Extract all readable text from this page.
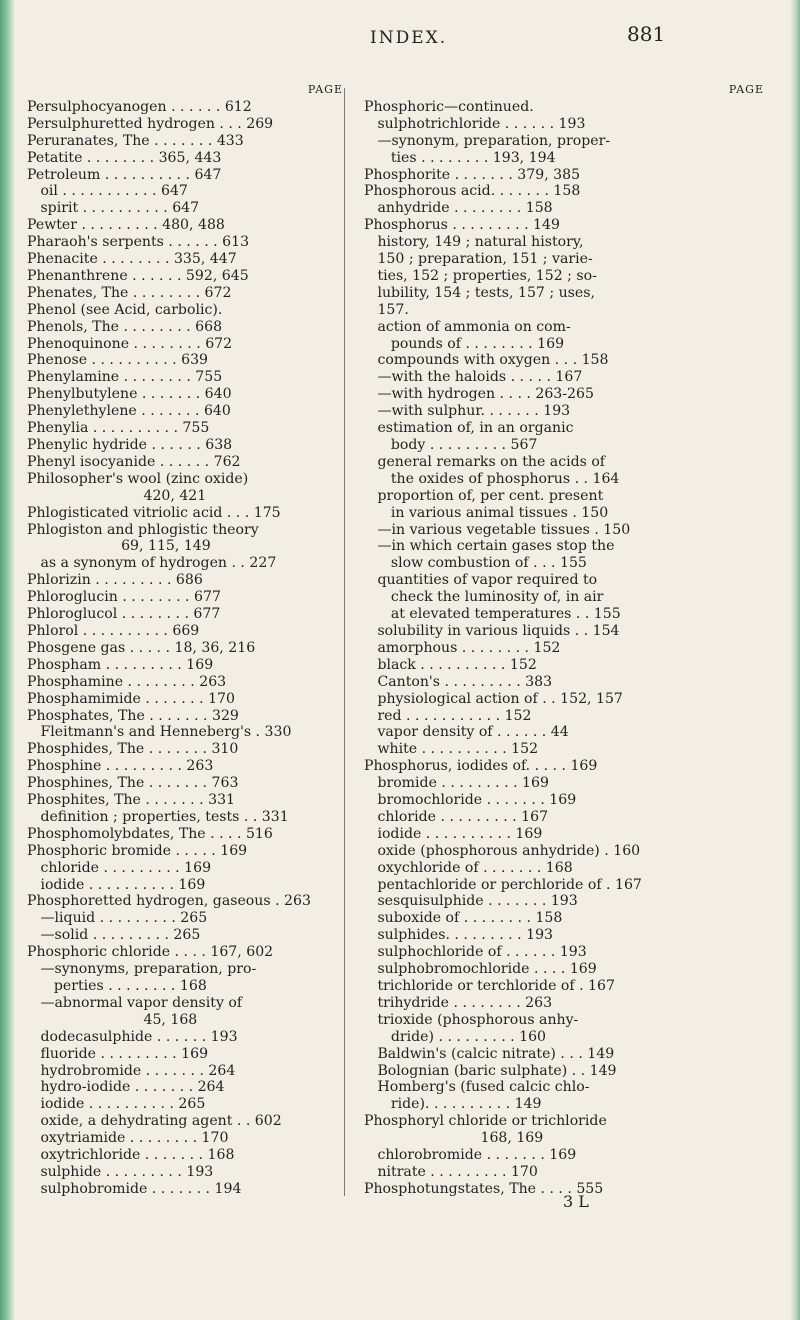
INDEX.	881
PAGE
Persulphocyanogen . . . . . . 612
Persulphuretted hydrogen . . . 269
Peruranates, The . . . . . . . 433
Petatite . . . . . . . . 365, 443
Petroleum . . . . . . . . . . 647
oil . . . . . . . . . . . 647
spirit . . . . . . . . . . 647
Pewter . . . . . . . . . 480, 488
Pharaoh's serpents . . . . . . 613
Phenacite . . . . . . . . 335, 447
Phenanthrene . . . . . . 592, 645
Phenates, The . . . . . . . . 672
Phenol (see Acid, carbolic).
Phenols, The . . . . . . . . 668
Phenoquinone . . . . . . . . 672
Phenose . . . . . . . . . . 639
Phenylamine . . . . . . . . 755
Phenylbutylene . . . . . . . 640
Phenylethylene . . . . . . . 640
Phenylia . . . . . . . . . . 755
Phenylic hydride . . . . . . 638
Phenyl isocyanide . . . . . . 762
Philosopher's wool (zinc oxide)
420, 421
Phlogisticated vitriolic acid . . . 175
Phlogiston and phlogistic theory
69, 115, 149
as a synonym of hydrogen . . 227
Phlorizin . . . . . . . . . 686
Phloroglucin . . . . . . . . 677
Phloroglucol . . . . . . . . 677
Phlorol . . . . . . . . . . 669
Phosgene gas . . . . . 18, 36, 216
Phospham . . . . . . . . . 169
Phosphamine . . . . . . . . 263
Phosphamimide . . . . . . . 170
Phosphates, The . . . . . . . 329
Fleitmann's and Henneberg's . 330
Phosphides, The . . . . . . . 310
Phosphine . . . . . . . . . 263
Phosphines, The . . . . . . . 763
Phosphites, The . . . . . . . 331
definition ; properties, tests . . 331
Phosphomolybdates, The . . . . 516
Phosphoric bromide . . . . . 169
chloride . . . . . . . . . 169
iodide . . . . . . . . . . 169
Phosphoretted hydrogen, gaseous . 263
—liquid . . . . . . . . . 265
—solid . . . . . . . . . 265
Phosphoric chloride . . . . 167, 602
—synonyms, preparation, pro-
perties . . . . . . . . 168
—abnormal vapor density of
45, 168
dodecasulphide . . . . . . 193
fluoride . . . . . . . . . 169
hydrobromide . . . . . . . 264
hydro-iodide . . . . . . . 264
iodide . . . . . . . . . . 265
oxide, a dehydrating agent . . 602
oxytriamide . . . . . . . . 170
oxytrichloride . . . . . . . 168
sulphide . . . . . . . . . 193
sulphobromide . . . . . . . 194
PAGE
Phosphoric—continued.
sulphotrichloride . . . . . . 193
—synonym, preparation, proper-
ties . . . . . . . . 193, 194
Phosphorite . . . . . . . 379, 385
Phosphorous acid. . . . . . . 158
anhydride . . . . . . . . 158
Phosphorus . . . . . . . . . 149
history, 149 ; natural history,
150 ; preparation, 151 ; varie-
ties, 152 ; properties, 152 ; so-
lubility, 154 ; tests, 157 ; uses,
157.
action of ammonia on com-
pounds of . . . . . . . . 169
compounds with oxygen . . . 158
—with the haloids . . . . . 167
—with hydrogen . . . . 263-265
—with sulphur. . . . . . . 193
estimation of, in an organic
body . . . . . . . . . 567
general remarks on the acids of
the oxides of phosphorus . . 164
proportion of, per cent. present
in various animal tissues . 150
—in various vegetable tissues . 150
—in which certain gases stop the
slow combustion of . . . 155
quantities of vapor required to
check the luminosity of, in air
at elevated temperatures . . 155
solubility in various liquids . . 154
amorphous . . . . . . . . 152
black . . . . . . . . . . 152
Canton's . . . . . . . . . 383
physiological action of . . 152, 157
red . . . . . . . . . . . 152
vapor density of . . . . . . 44
white . . . . . . . . . . 152
Phosphorus, iodides of. . . . . 169
bromide . . . . . . . . . 169
bromochloride . . . . . . . 169
chloride . . . . . . . . . 167
iodide . . . . . . . . . . 169
oxide (phosphorous anhydride) . 160
oxychloride of . . . . . . . 168
pentachloride or perchloride of . 167
sesquisulphide . . . . . . . 193
suboxide of . . . . . . . . 158
sulphides. . . . . . . . . 193
sulphochloride of . . . . . . 193
sulphobromochloride . . . . 169
trichloride or terchloride of . 167
trihydride . . . . . . . . 263
trioxide (phosphorous anhy-
dride) . . . . . . . . . 160
Baldwin's (calcic nitrate) . . . 149
Bolognian (baric sulphate) . . 149
Homberg's (fused calcic chlo-
ride). . . . . . . . . . 149
Phosphoryl chloride or trichloride
168, 169
chlorobromide . . . . . . . 169
nitrate . . . . . . . . . 170
Phosphotungstates, The . . . . 555
3 L
